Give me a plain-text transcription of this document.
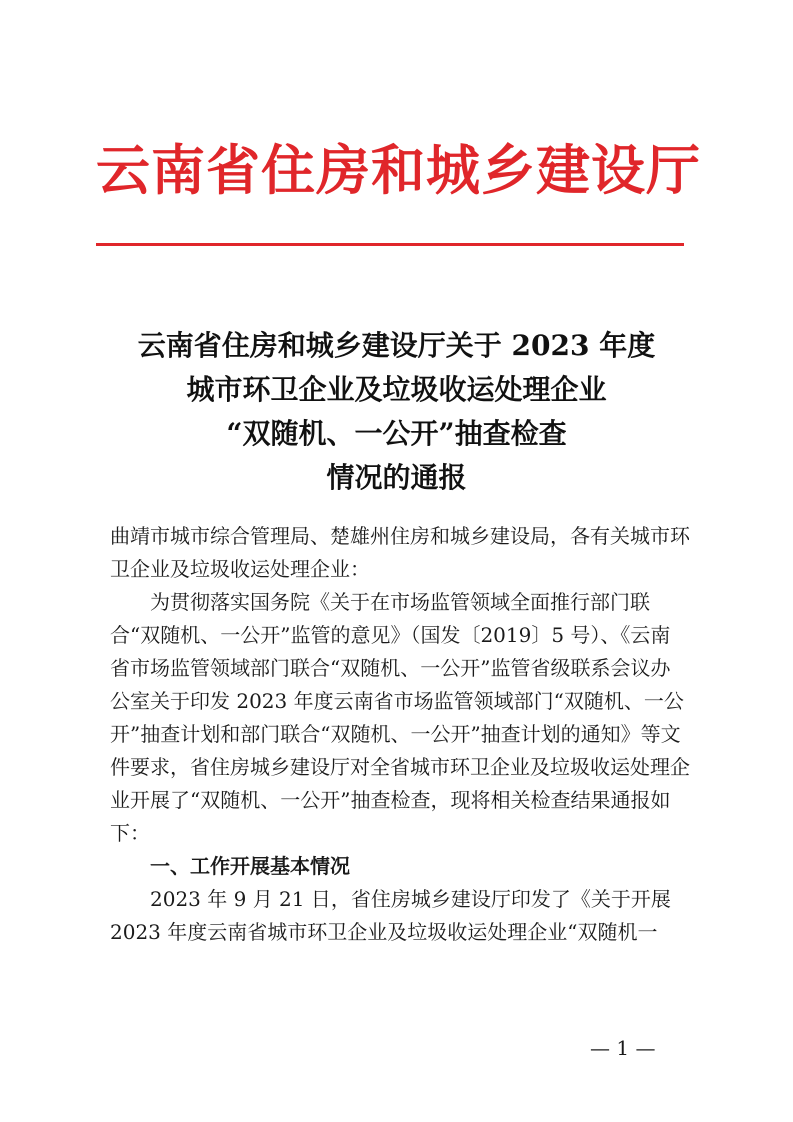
云南省住房和城乡建设厅
云南省住房和城乡建设厅关于 2023 年度
城市环卫企业及垃圾收运处理企业
“双随机、一公开”抽查检查
情况的通报

曲靖市城市综合管理局、楚雄州住房和城乡建设局，各有关城市环卫企业及垃圾收运处理企业：

为贯彻落实国务院《关于在市场监管领域全面推行部门联合“双随机、一公开”监管的意见》（国发〔2019〕5 号）、《云南省市场监管领域部门联合“双随机、一公开”监管省级联系会议办公室关于印发 2023 年度云南省市场监管领域部门“双随机、一公开”抽查计划和部门联合“双随机、一公开”抽查计划的通知》等文件要求，省住房城乡建设厅对全省城市环卫企业及垃圾收运处理企业开展了“双随机、一公开”抽查检查，现将相关检查结果通报如下：

一、工作开展基本情况

2023 年 9 月 21 日，省住房城乡建设厅印发了《关于开展 2023 年度云南省城市环卫企业及垃圾收运处理企业“双随机一

— 1 —
